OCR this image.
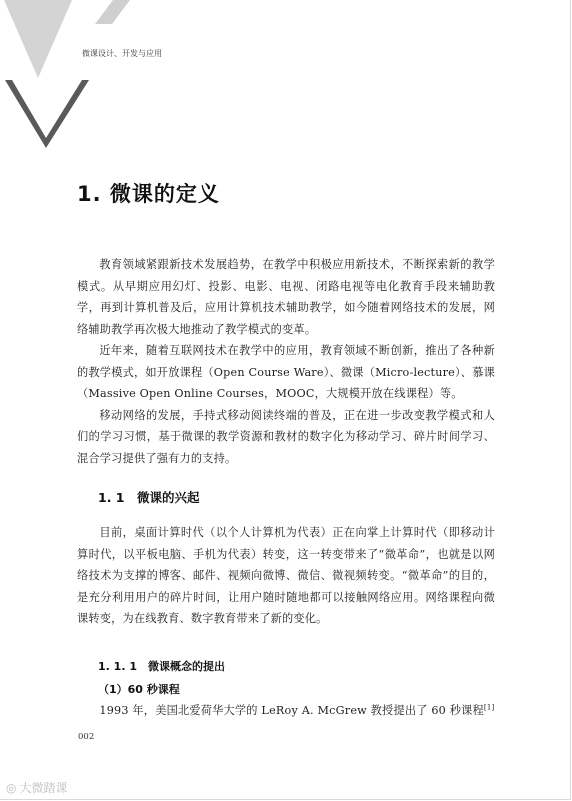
微课设计、开发与应用
1. 微课的定义

教育领域紧跟新技术发展趋势，在教学中积极应用新技术，不断探索新的教学模式。从早期应用幻灯、投影、电影、电视、闭路电视等电化教育手段来辅助教学，再到计算机普及后，应用计算机技术辅助教学，如今随着网络技术的发展，网络辅助教学再次极大地推动了教学模式的变革。

近年来，随着互联网技术在教学中的应用，教育领域不断创新，推出了各种新的教学模式，如开放课程（Open Course Ware）、微课（Micro-lecture）、慕课（Massive Open Online Courses，MOOC，大规模开放在线课程）等。

移动网络的发展，手持式移动阅读终端的普及，正在进一步改变教学模式和人们的学习习惯，基于微课的教学资源和教材的数字化为移动学习、碎片时间学习、混合学习提供了强有力的支持。

1. 1　微课的兴起

目前，桌面计算时代（以个人计算机为代表）正在向掌上计算时代（即移动计算时代，以平板电脑、手机为代表）转变，这一转变带来了“微革命”，也就是以网络技术为支撑的博客、邮件、视频向微博、微信、微视频转变。“微革命”的目的，是充分利用用户的碎片时间，让用户随时随地都可以接触网络应用。网络课程向微课转变，为在线教育、数字教育带来了新的变化。

1. 1. 1　微课概念的提出
（1）60 秒课程

1993 年，美国北爱荷华大学的 LeRoy A. McGrew 教授提出了 60 秒课程[1]

002
◎ 大微踏课
